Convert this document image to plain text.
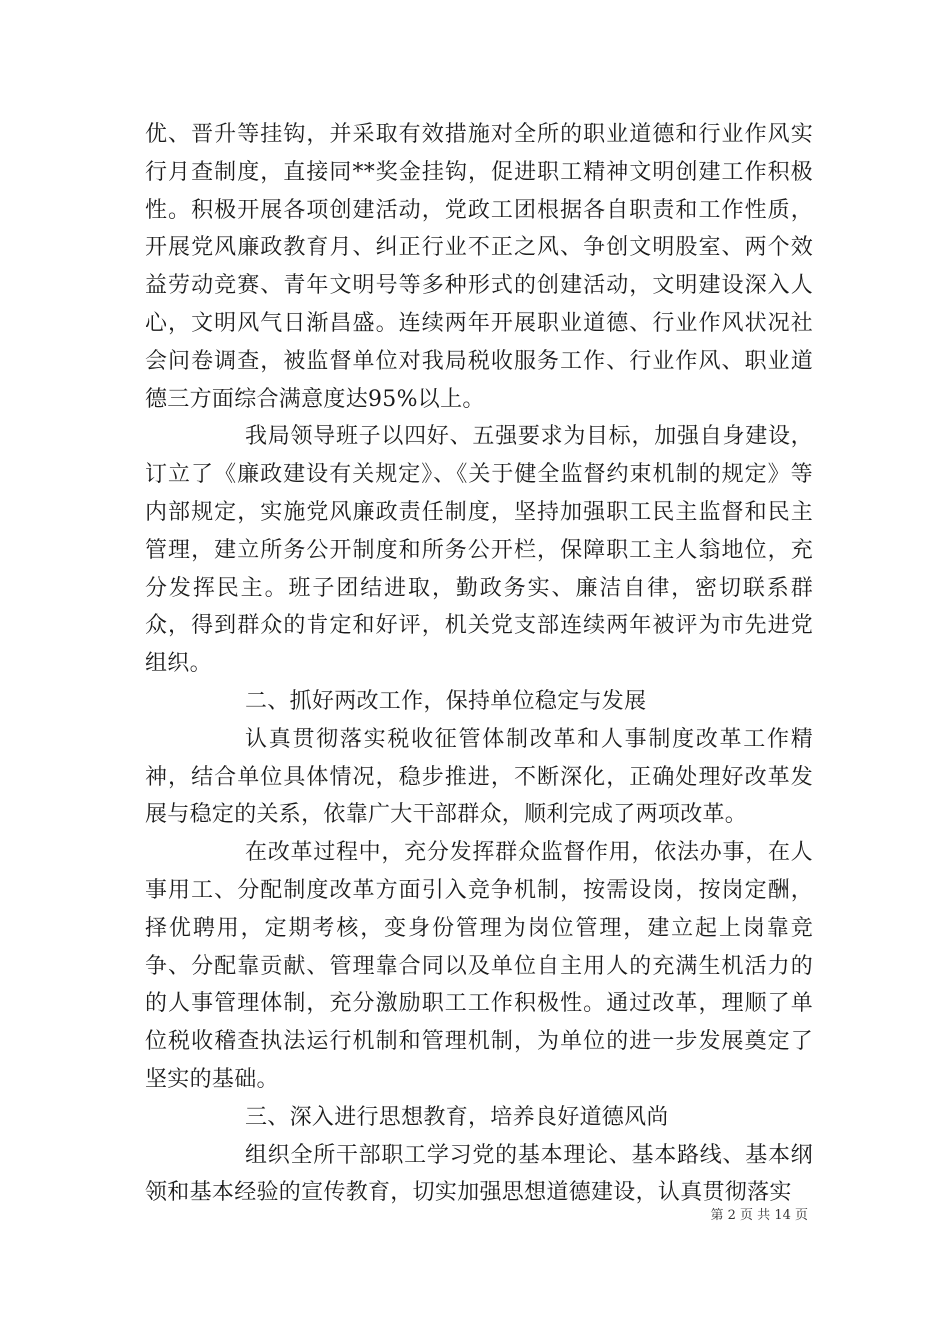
优、晋升等挂钩，并采取有效措施对全所的职业道德和行业作风实行月查制度，直接同**奖金挂钩，促进职工精神文明创建工作积极性。积极开展各项创建活动，党政工团根据各自职责和工作性质，开展党风廉政教育月、纠正行业不正之风、争创文明股室、两个效益劳动竞赛、青年文明号等多种形式的创建活动，文明建设深入人心，文明风气日渐昌盛。连续两年开展职业道德、行业作风状况社会问卷调查，被监督单位对我局税收服务工作、行业作风、职业道德三方面综合满意度达95%以上。

我局领导班子以四好、五强要求为目标，加强自身建设，订立了《廉政建设有关规定》、《关于健全监督约束机制的规定》等内部规定，实施党风廉政责任制度，坚持加强职工民主监督和民主管理，建立所务公开制度和所务公开栏，保障职工主人翁地位，充分发挥民主。班子团结进取，勤政务实、廉洁自律，密切联系群众，得到群众的肯定和好评，机关党支部连续两年被评为市先进党组织。

二、抓好两改工作，保持单位稳定与发展

认真贯彻落实税收征管体制改革和人事制度改革工作精神，结合单位具体情况，稳步推进，不断深化，正确处理好改革发展与稳定的关系，依靠广大干部群众，顺利完成了两项改革。

在改革过程中，充分发挥群众监督作用，依法办事，在人事用工、分配制度改革方面引入竞争机制，按需设岗，按岗定酬，择优聘用，定期考核，变身份管理为岗位管理，建立起上岗靠竞争、分配靠贡献、管理靠合同以及单位自主用人的充满生机活力的的人事管理体制，充分激励职工工作积极性。通过改革，理顺了单位税收稽查执法运行机制和管理机制，为单位的进一步发展奠定了坚实的基础。

三、深入进行思想教育，培养良好道德风尚

组织全所干部职工学习党的基本理论、基本路线、基本纲领和基本经验的宣传教育，切实加强思想道德建设，认真贯彻落实

第 2 页 共 14 页
